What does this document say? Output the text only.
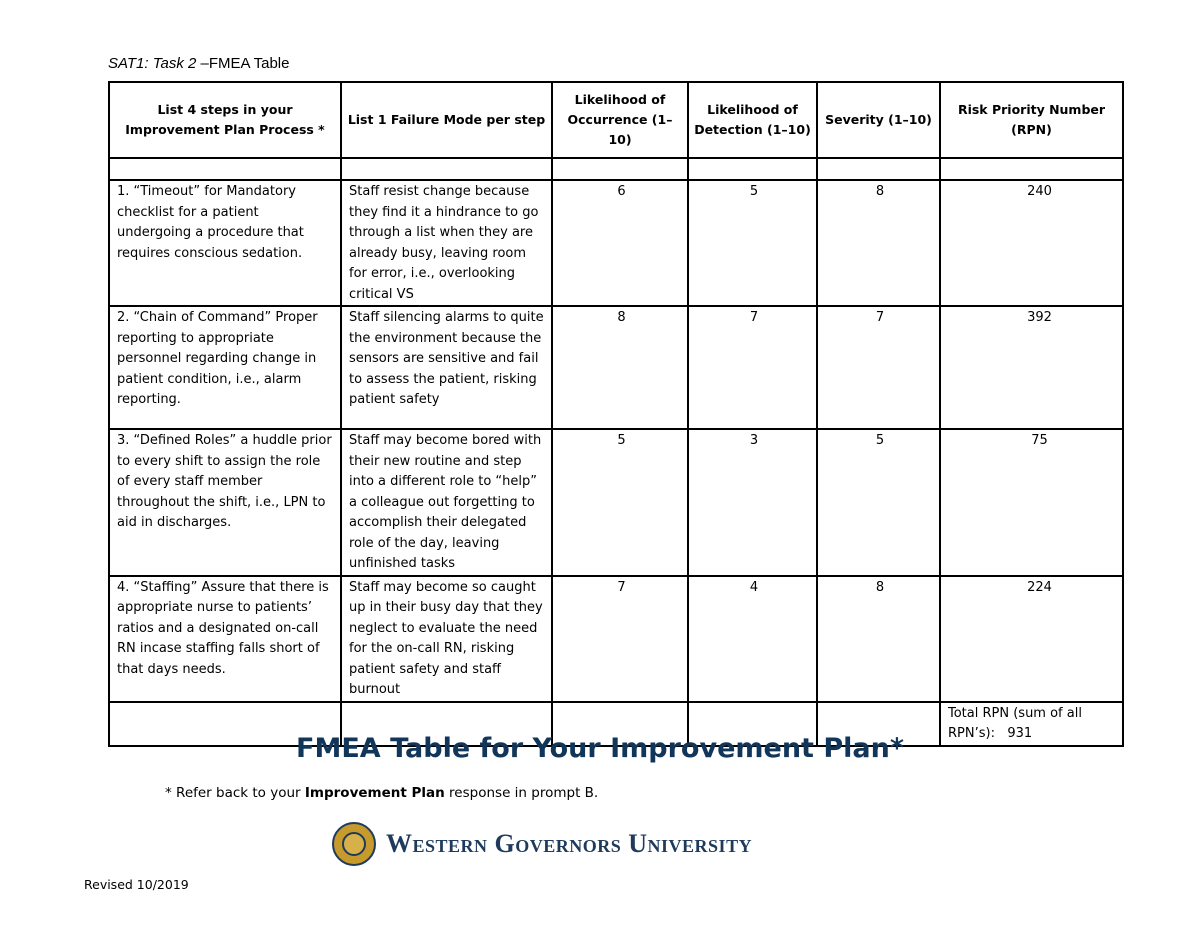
SAT1: Task 2 –FMEA Table
List 4 steps in your Improvement Plan Process *	List 1 Failure Mode per step	Likelihood of Occurrence (1–10)	Likelihood of Detection (1–10)	Severity (1–10)	Risk Priority Number (RPN)

1. “Timeout” for Mandatory checklist for a patient undergoing a procedure that requires conscious sedation.	Staff resist change because they find it a hindrance to go through a list when they are already busy, leaving room for error, i.e., overlooking critical VS	6	5	8	240
2. “Chain of Command” Proper reporting to appropriate personnel regarding change in patient condition, i.e., alarm reporting.	Staff silencing alarms to quite the environment because the sensors are sensitive and fail to assess the patient, risking patient safety	8	7	7	392
3. “Defined Roles” a huddle prior to every shift to assign the role of every staff member throughout the shift, i.e., LPN to aid in discharges.	Staff may become bored with their new routine and step into a different role to “help” a colleague out forgetting to accomplish their delegated role of the day, leaving unfinished tasks	5	3	5	75
4. “Staffing” Assure that there is appropriate nurse to patients’ ratios and a designated on-call RN incase staffing falls short of that days needs.	Staff may become so caught up in their busy day that they neglect to evaluate the need for the on-call RN, risking patient safety and staff burnout	7	4	8	224
					Total RPN (sum of all RPN’s): 931
FMEA Table for Your Improvement Plan*
* Refer back to your Improvement Plan response in prompt B.
Western Governors University
Revised 10/2019
